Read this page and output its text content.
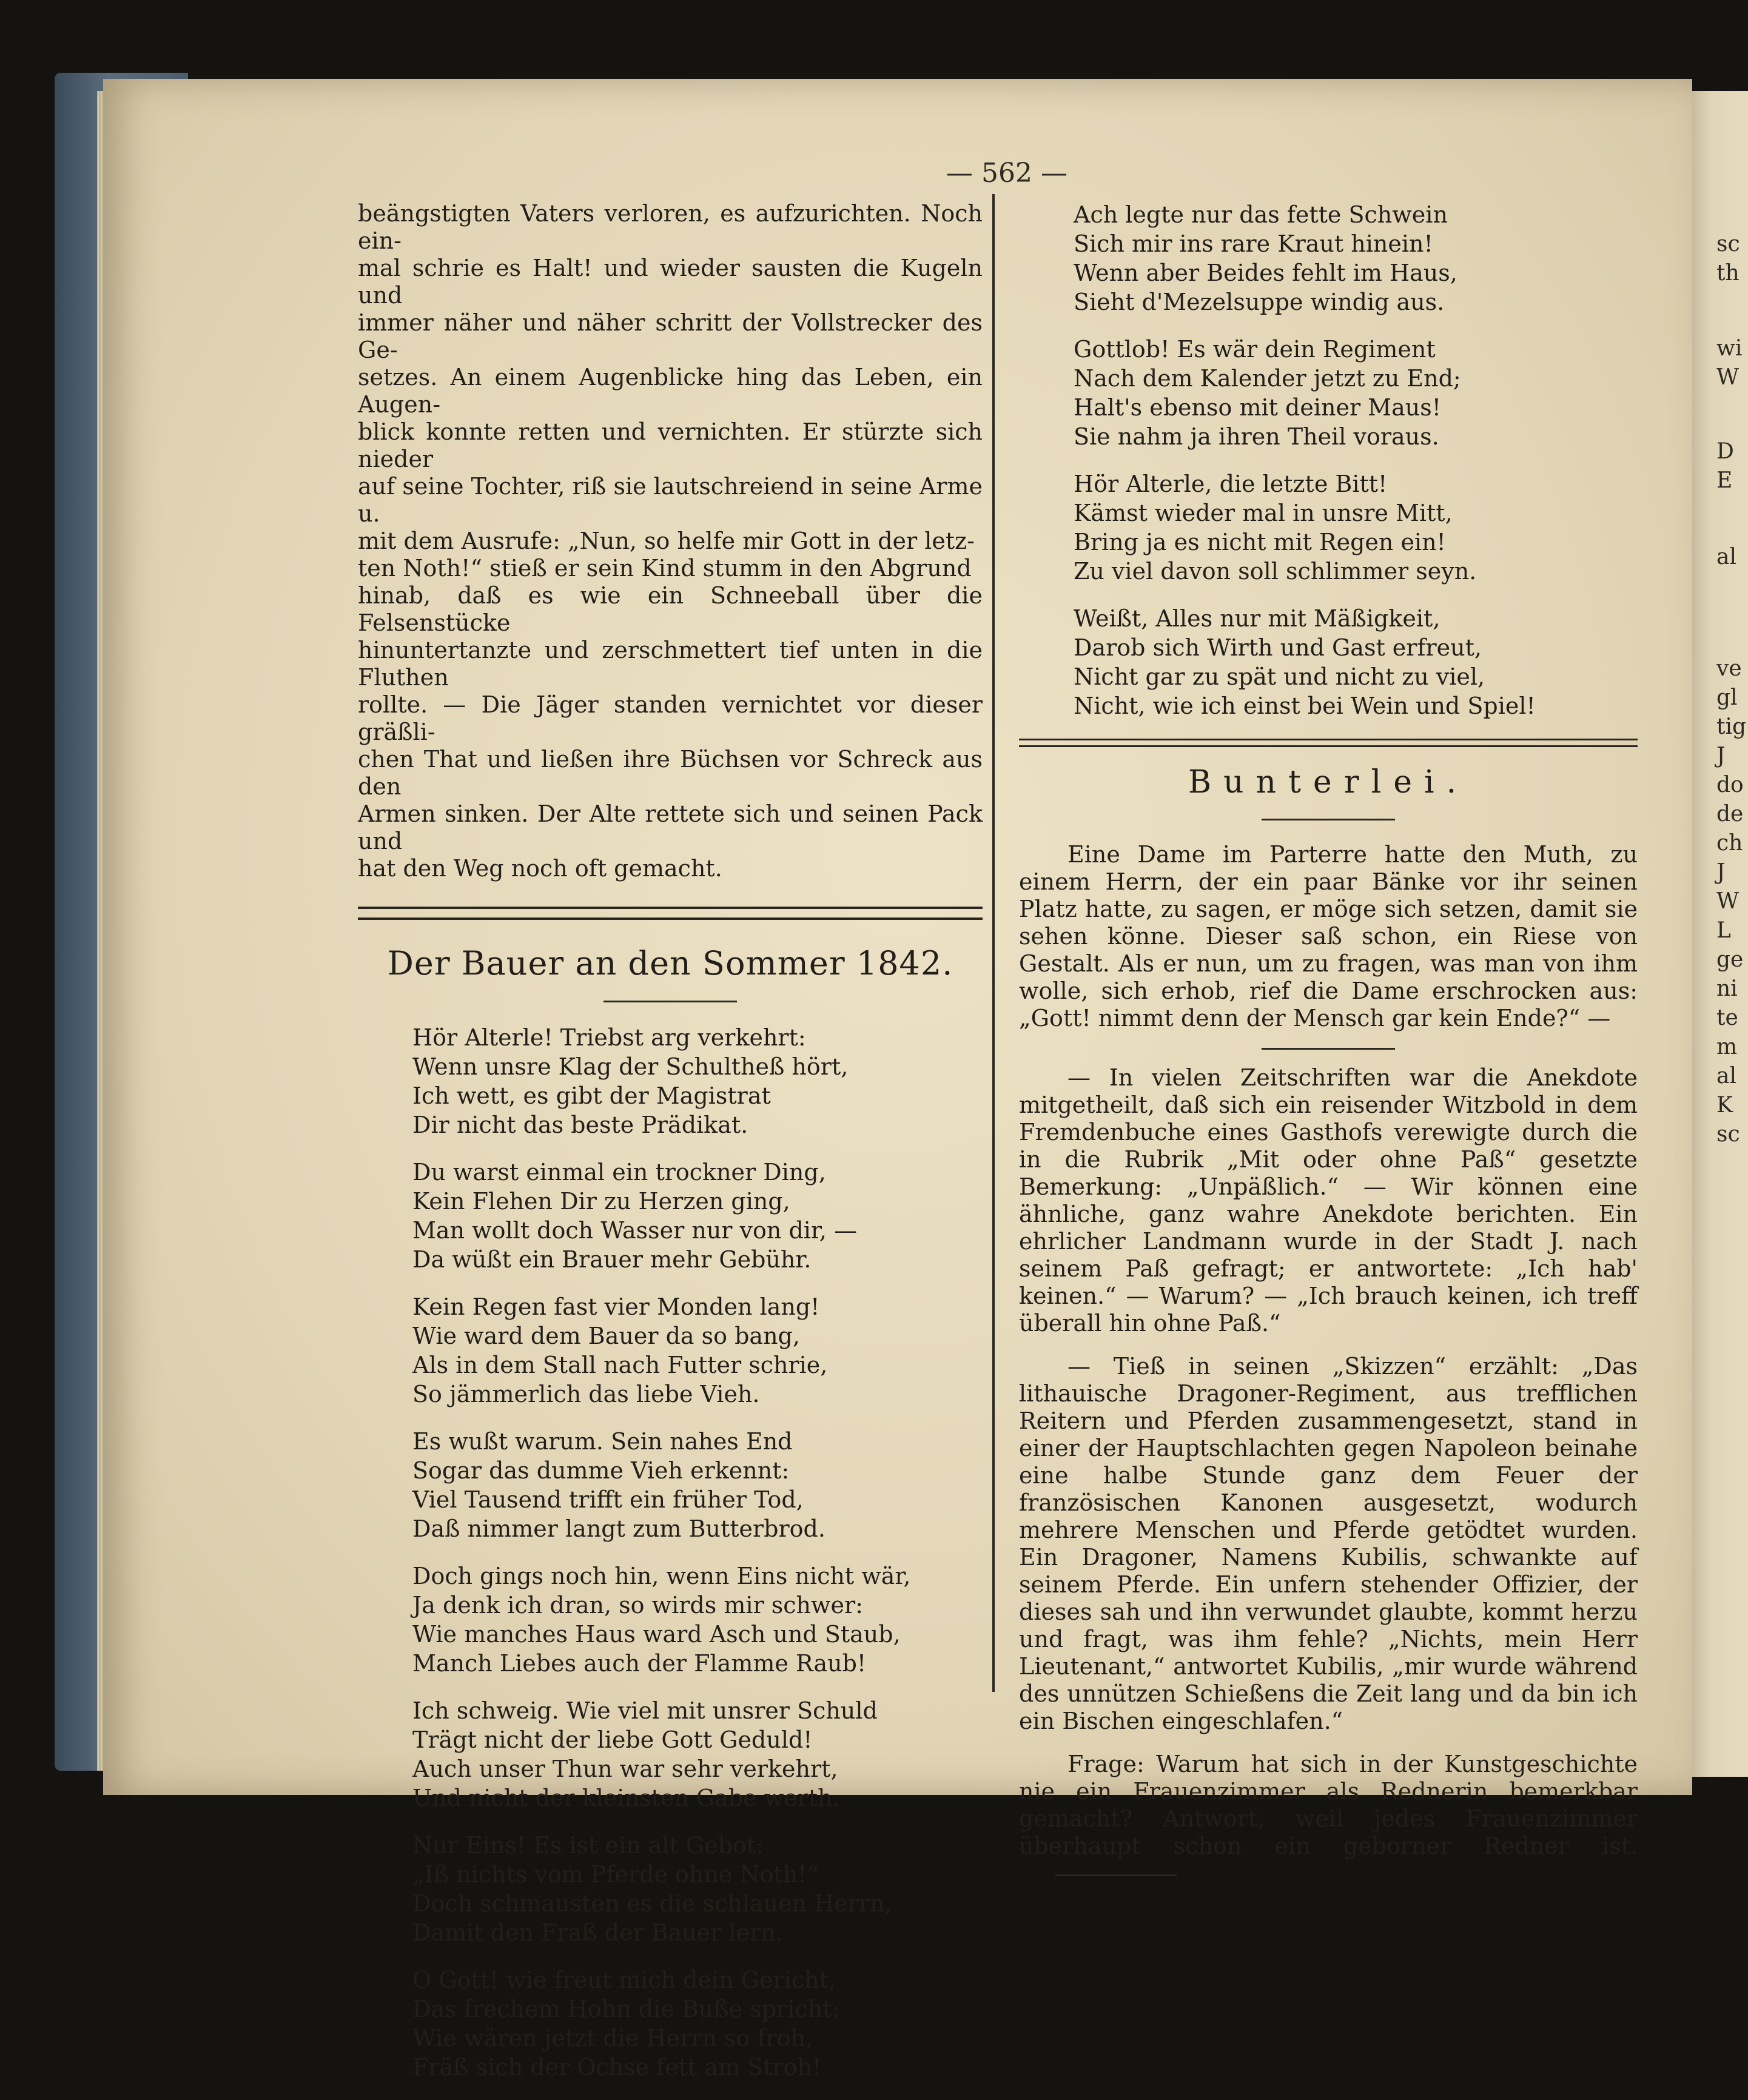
— 562 —
beängstigten Vaters verloren, es aufzurichten. Noch ein-
mal schrie es Halt! und wieder sausten die Kugeln und
immer näher und näher schritt der Vollstrecker des Ge-
setzes. An einem Augenblicke hing das Leben, ein Augen-
blick konnte retten und vernichten. Er stürzte sich nieder
auf seine Tochter, riß sie lautschreiend in seine Arme u.
mit dem Ausrufe: „Nun, so helfe mir Gott in der letz-
ten Noth!“ stieß er sein Kind stumm in den Abgrund
hinab, daß es wie ein Schneeball über die Felsenstücke
hinuntertanzte und zerschmettert tief unten in die Fluthen
rollte. — Die Jäger standen vernichtet vor dieser gräßli-
chen That und ließen ihre Büchsen vor Schreck aus den
Armen sinken. Der Alte rettete sich und seinen Pack und
hat den Weg noch oft gemacht.
Der Bauer an den Sommer 1842.
Hör Alterle! Triebst arg verkehrt:
Wenn unsre Klag der Schultheß hört,
Ich wett, es gibt der Magistrat
Dir nicht das beste Prädikat.
Du warst einmal ein trockner Ding,
Kein Flehen Dir zu Herzen ging,
Man wollt doch Wasser nur von dir, —
Da wüßt ein Brauer mehr Gebühr.
Kein Regen fast vier Monden lang!
Wie ward dem Bauer da so bang,
Als in dem Stall nach Futter schrie,
So jämmerlich das liebe Vieh.
Es wußt warum. Sein nahes End
Sogar das dumme Vieh erkennt:
Viel Tausend trifft ein früher Tod,
Daß nimmer langt zum Butterbrod.
Doch gings noch hin, wenn Eins nicht wär,
Ja denk ich dran, so wirds mir schwer:
Wie manches Haus ward Asch und Staub,
Manch Liebes auch der Flamme Raub!
Ich schweig. Wie viel mit unsrer Schuld
Trägt nicht der liebe Gott Geduld!
Auch unser Thun war sehr verkehrt,
Und nicht der kleinsten Gabe werth.
Nur Eins! Es ist ein alt Gebot:
„Iß nichts vom Pferde ohne Noth!“
Doch schmausten es die schlauen Herrn,
Damit den Fraß der Bauer lern.
O Gott! wie freut mich dein Gericht,
Das frechem Hohn die Buße spricht:
Wie wären jetzt die Herrn so froh,
Fräß sich der Ochse fett am Stroh!
Ach legte nur das fette Schwein
Sich mir ins rare Kraut hinein!
Wenn aber Beides fehlt im Haus,
Sieht d'Mezelsuppe windig aus.
Gottlob! Es wär dein Regiment
Nach dem Kalender jetzt zu End;
Halt's ebenso mit deiner Maus!
Sie nahm ja ihren Theil voraus.
Hör Alterle, die letzte Bitt!
Kämst wieder mal in unsre Mitt,
Bring ja es nicht mit Regen ein!
Zu viel davon soll schlimmer seyn.
Weißt, Alles nur mit Mäßigkeit,
Darob sich Wirth und Gast erfreut,
Nicht gar zu spät und nicht zu viel,
Nicht, wie ich einst bei Wein und Spiel!
Bunterlei.

Eine Dame im Parterre hatte den Muth, zu einem Herrn, der ein paar Bänke vor ihr seinen Platz hatte, zu sagen, er möge sich setzen, damit sie sehen könne. Dieser saß schon, ein Riese von Gestalt. Als er nun, um zu fragen, was man von ihm wolle, sich erhob, rief die Dame erschrocken aus: „Gott! nimmt denn der Mensch gar kein Ende?“ —

— In vielen Zeitschriften war die Anekdote mitgetheilt, daß sich ein reisender Witzbold in dem Fremdenbuche eines Gasthofs verewigte durch die in die Rubrik „Mit oder ohne Paß“ gesetzte Bemerkung: „Unpäßlich.“ — Wir können eine ähnliche, ganz wahre Anekdote berichten. Ein ehrlicher Landmann wurde in der Stadt J. nach seinem Paß gefragt; er antwortete: „Ich hab' keinen.“ — Warum? — „Ich brauch keinen, ich treff überall hin ohne Paß.“

— Tieß in seinen „Skizzen“ erzählt: „Das lithauische Dragoner-Regiment, aus trefflichen Reitern und Pferden zusammengesetzt, stand in einer der Hauptschlachten gegen Napoleon beinahe eine halbe Stunde ganz dem Feuer der französischen Kanonen ausgesetzt, wodurch mehrere Menschen und Pferde getödtet wurden. Ein Dragoner, Namens Kubilis, schwankte auf seinem Pferde. Ein unfern stehender Offizier, der dieses sah und ihn verwundet glaubte, kommt herzu und fragt, was ihm fehle? „Nichts, mein Herr Lieutenant,“ antwortet Kubilis, „mir wurde während des unnützen Schießens die Zeit lang und da bin ich ein Bischen eingeschlafen.“

Frage: Warum hat sich in der Kunstgeschichte nie ein Frauenzimmer als Rednerin bemerkbar gemacht? Antwort, weil jedes Frauenzimmer überhaupt schon ein geborner Redner ist.

sc
th
wi
W
D
E
al
ve
gl
tig
J
do
de
ch
J
W
L
ge
ni
te
m
al
K
sc
